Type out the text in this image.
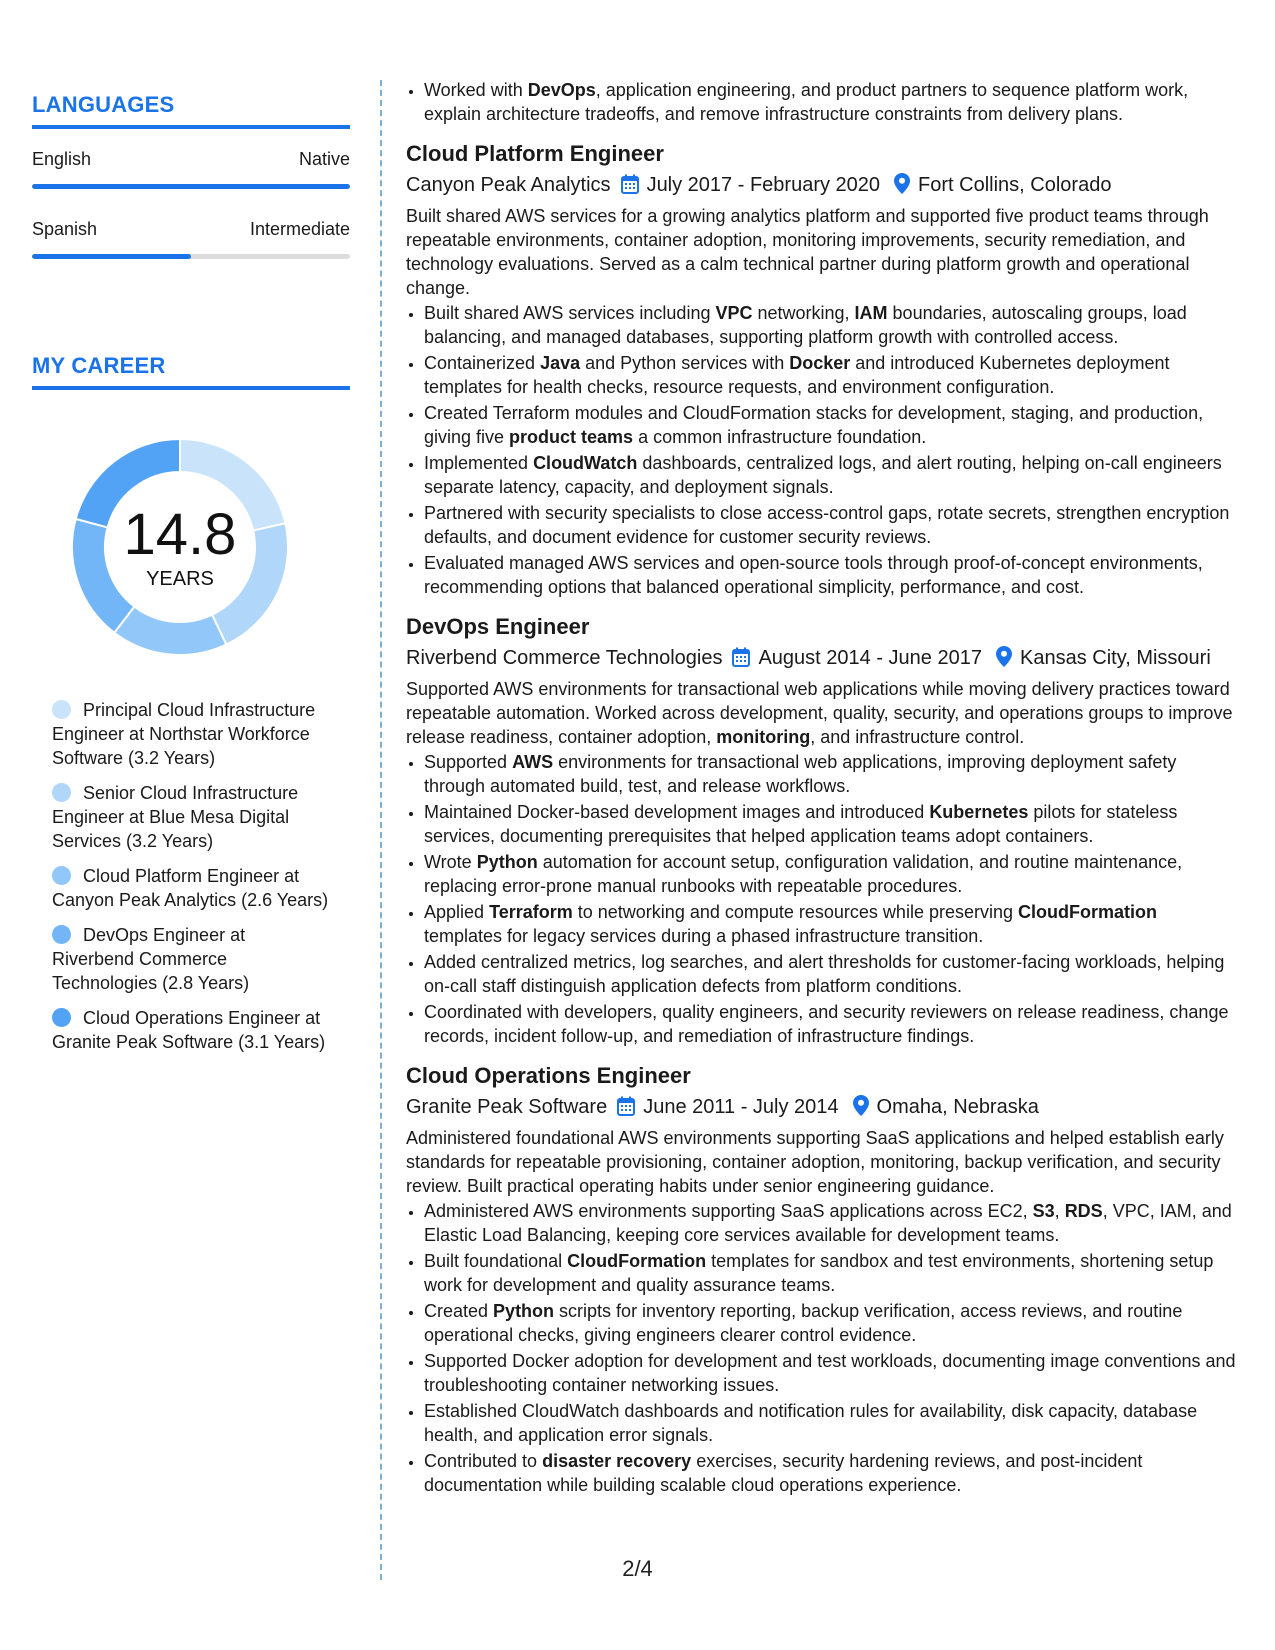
LANGUAGES
English	Native
Spanish	Intermediate
MY CAREER
14.8
YEARS
Principal Cloud Infrastructure Engineer at Northstar Workforce Software (3.2 Years)
Senior Cloud Infrastructure Engineer at Blue Mesa Digital Services (3.2 Years)
Cloud Platform Engineer at Canyon Peak Analytics (2.6 Years)
DevOps Engineer at Riverbend Commerce Technologies (2.8 Years)
Cloud Operations Engineer at Granite Peak Software (3.1 Years)
• Worked with DevOps, application engineering, and product partners to sequence platform work, explain architecture tradeoffs, and remove infrastructure constraints from delivery plans.
Cloud Platform Engineer
Canyon Peak Analytics July 2017 - February 2020 Fort Collins, Colorado
Built shared AWS services for a growing analytics platform and supported five product teams through repeatable environments, container adoption, monitoring improvements, security remediation, and technology evaluations. Served as a calm technical partner during platform growth and operational change.
• Built shared AWS services including VPC networking, IAM boundaries, autoscaling groups, load balancing, and managed databases, supporting platform growth with controlled access.
• Containerized Java and Python services with Docker and introduced Kubernetes deployment templates for health checks, resource requests, and environment configuration.
• Created Terraform modules and CloudFormation stacks for development, staging, and production, giving five product teams a common infrastructure foundation.
• Implemented CloudWatch dashboards, centralized logs, and alert routing, helping on-call engineers separate latency, capacity, and deployment signals.
• Partnered with security specialists to close access-control gaps, rotate secrets, strengthen encryption defaults, and document evidence for customer security reviews.
• Evaluated managed AWS services and open-source tools through proof-of-concept environments, recommending options that balanced operational simplicity, performance, and cost.
DevOps Engineer
Riverbend Commerce Technologies August 2014 - June 2017 Kansas City, Missouri
Supported AWS environments for transactional web applications while moving delivery practices toward repeatable automation. Worked across development, quality, security, and operations groups to improve release readiness, container adoption, monitoring, and infrastructure control.
• Supported AWS environments for transactional web applications, improving deployment safety through automated build, test, and release workflows.
• Maintained Docker-based development images and introduced Kubernetes pilots for stateless services, documenting prerequisites that helped application teams adopt containers.
• Wrote Python automation for account setup, configuration validation, and routine maintenance, replacing error-prone manual runbooks with repeatable procedures.
• Applied Terraform to networking and compute resources while preserving CloudFormation templates for legacy services during a phased infrastructure transition.
• Added centralized metrics, log searches, and alert thresholds for customer-facing workloads, helping on-call staff distinguish application defects from platform conditions.
• Coordinated with developers, quality engineers, and security reviewers on release readiness, change records, incident follow-up, and remediation of infrastructure findings.
Cloud Operations Engineer
Granite Peak Software June 2011 - July 2014 Omaha, Nebraska
Administered foundational AWS environments supporting SaaS applications and helped establish early standards for repeatable provisioning, container adoption, monitoring, backup verification, and security review. Built practical operating habits under senior engineering guidance.
• Administered AWS environments supporting SaaS applications across EC2, S3, RDS, VPC, IAM, and Elastic Load Balancing, keeping core services available for development teams.
• Built foundational CloudFormation templates for sandbox and test environments, shortening setup work for development and quality assurance teams.
• Created Python scripts for inventory reporting, backup verification, access reviews, and routine operational checks, giving engineers clearer control evidence.
• Supported Docker adoption for development and test workloads, documenting image conventions and troubleshooting container networking issues.
• Established CloudWatch dashboards and notification rules for availability, disk capacity, database health, and application error signals.
• Contributed to disaster recovery exercises, security hardening reviews, and post-incident documentation while building scalable cloud operations experience.
2/4
